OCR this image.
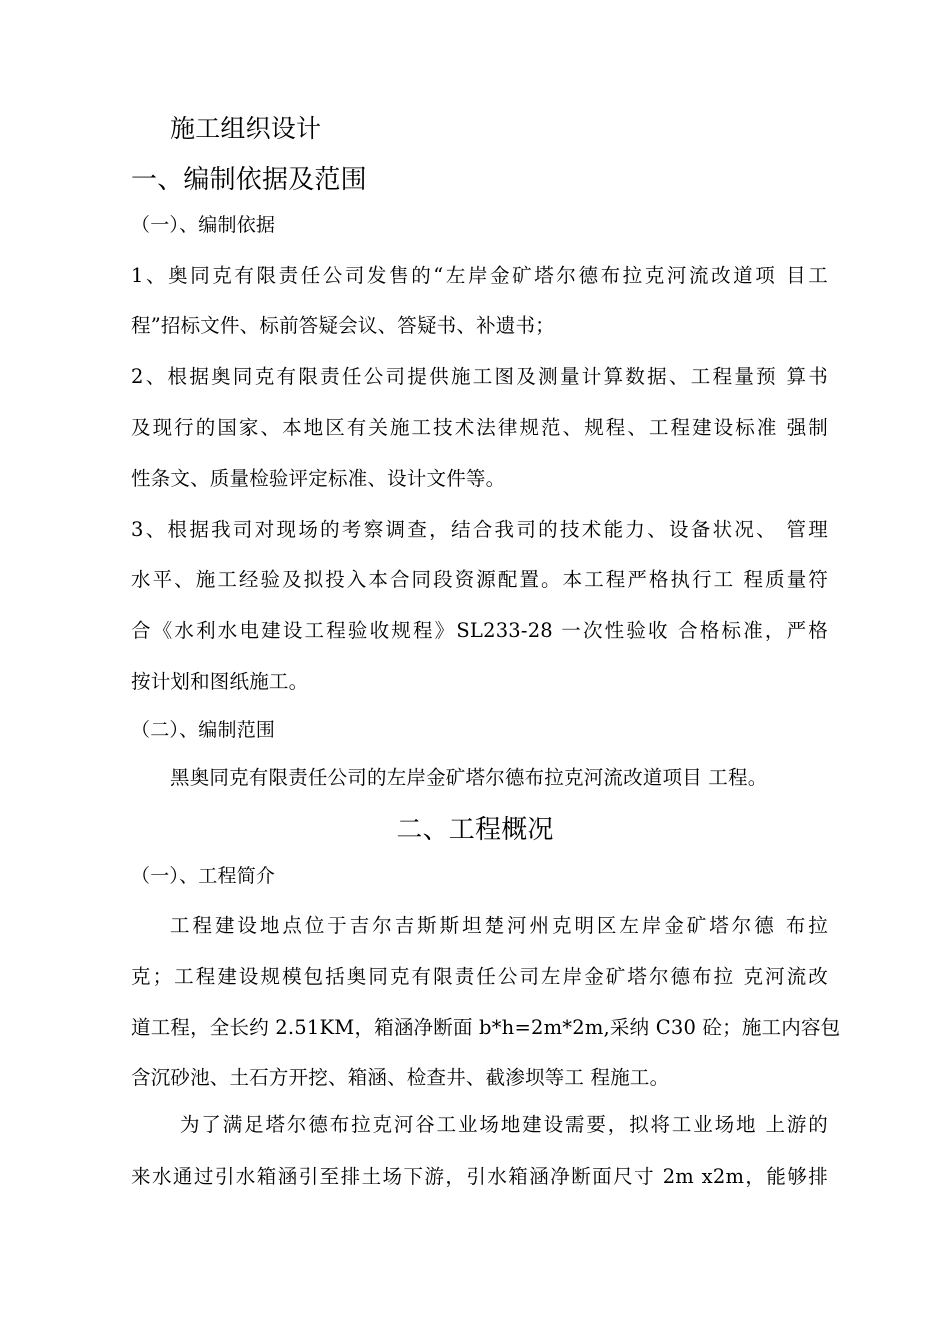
施工组织设计

一、编制依据及范围

（一）、编制依据

1、奥同克有限责任公司发售的“左岸金矿塔尔德布拉克河流改道项 目工

程”招标文件、标前答疑会议、答疑书、补遗书；

2、根据奥同克有限责任公司提供施工图及测量计算数据、工程量预 算书

及现行的国家、本地区有关施工技术法律规范、规程、工程建设标准 强制

性条文、质量检验评定标准、设计文件等。

3、根据我司对现场的考察调查，结合我司的技术能力、设备状况、 管理

水平、施工经验及拟投入本合同段资源配置。本工程严格执行工 程质量符

合《水利水电建设工程验收规程》SL233-28 一次性验收 合格标准，严格

按计划和图纸施工。

（二）、编制范围

黑奥同克有限责任公司的左岸金矿塔尔德布拉克河流改道项目 工程。

二、工程概况

（一）、工程简介

工程建设地点位于吉尔吉斯斯坦楚河州克明区左岸金矿塔尔德 布拉

克；工程建设规模包括奥同克有限责任公司左岸金矿塔尔德布拉 克河流改

道工程，全长约 2.51KM，箱涵净断面 b*h=2m*2m,采纳 C30 砼；施工内容包

含沉砂池、土石方开挖、箱涵、检查井、截渗坝等工 程施工。

为了满足塔尔德布拉克河谷工业场地建设需要，拟将工业场地 上游的

来水通过引水箱涵引至排土场下游，引水箱涵净断面尺寸 2m x2m，能够排
